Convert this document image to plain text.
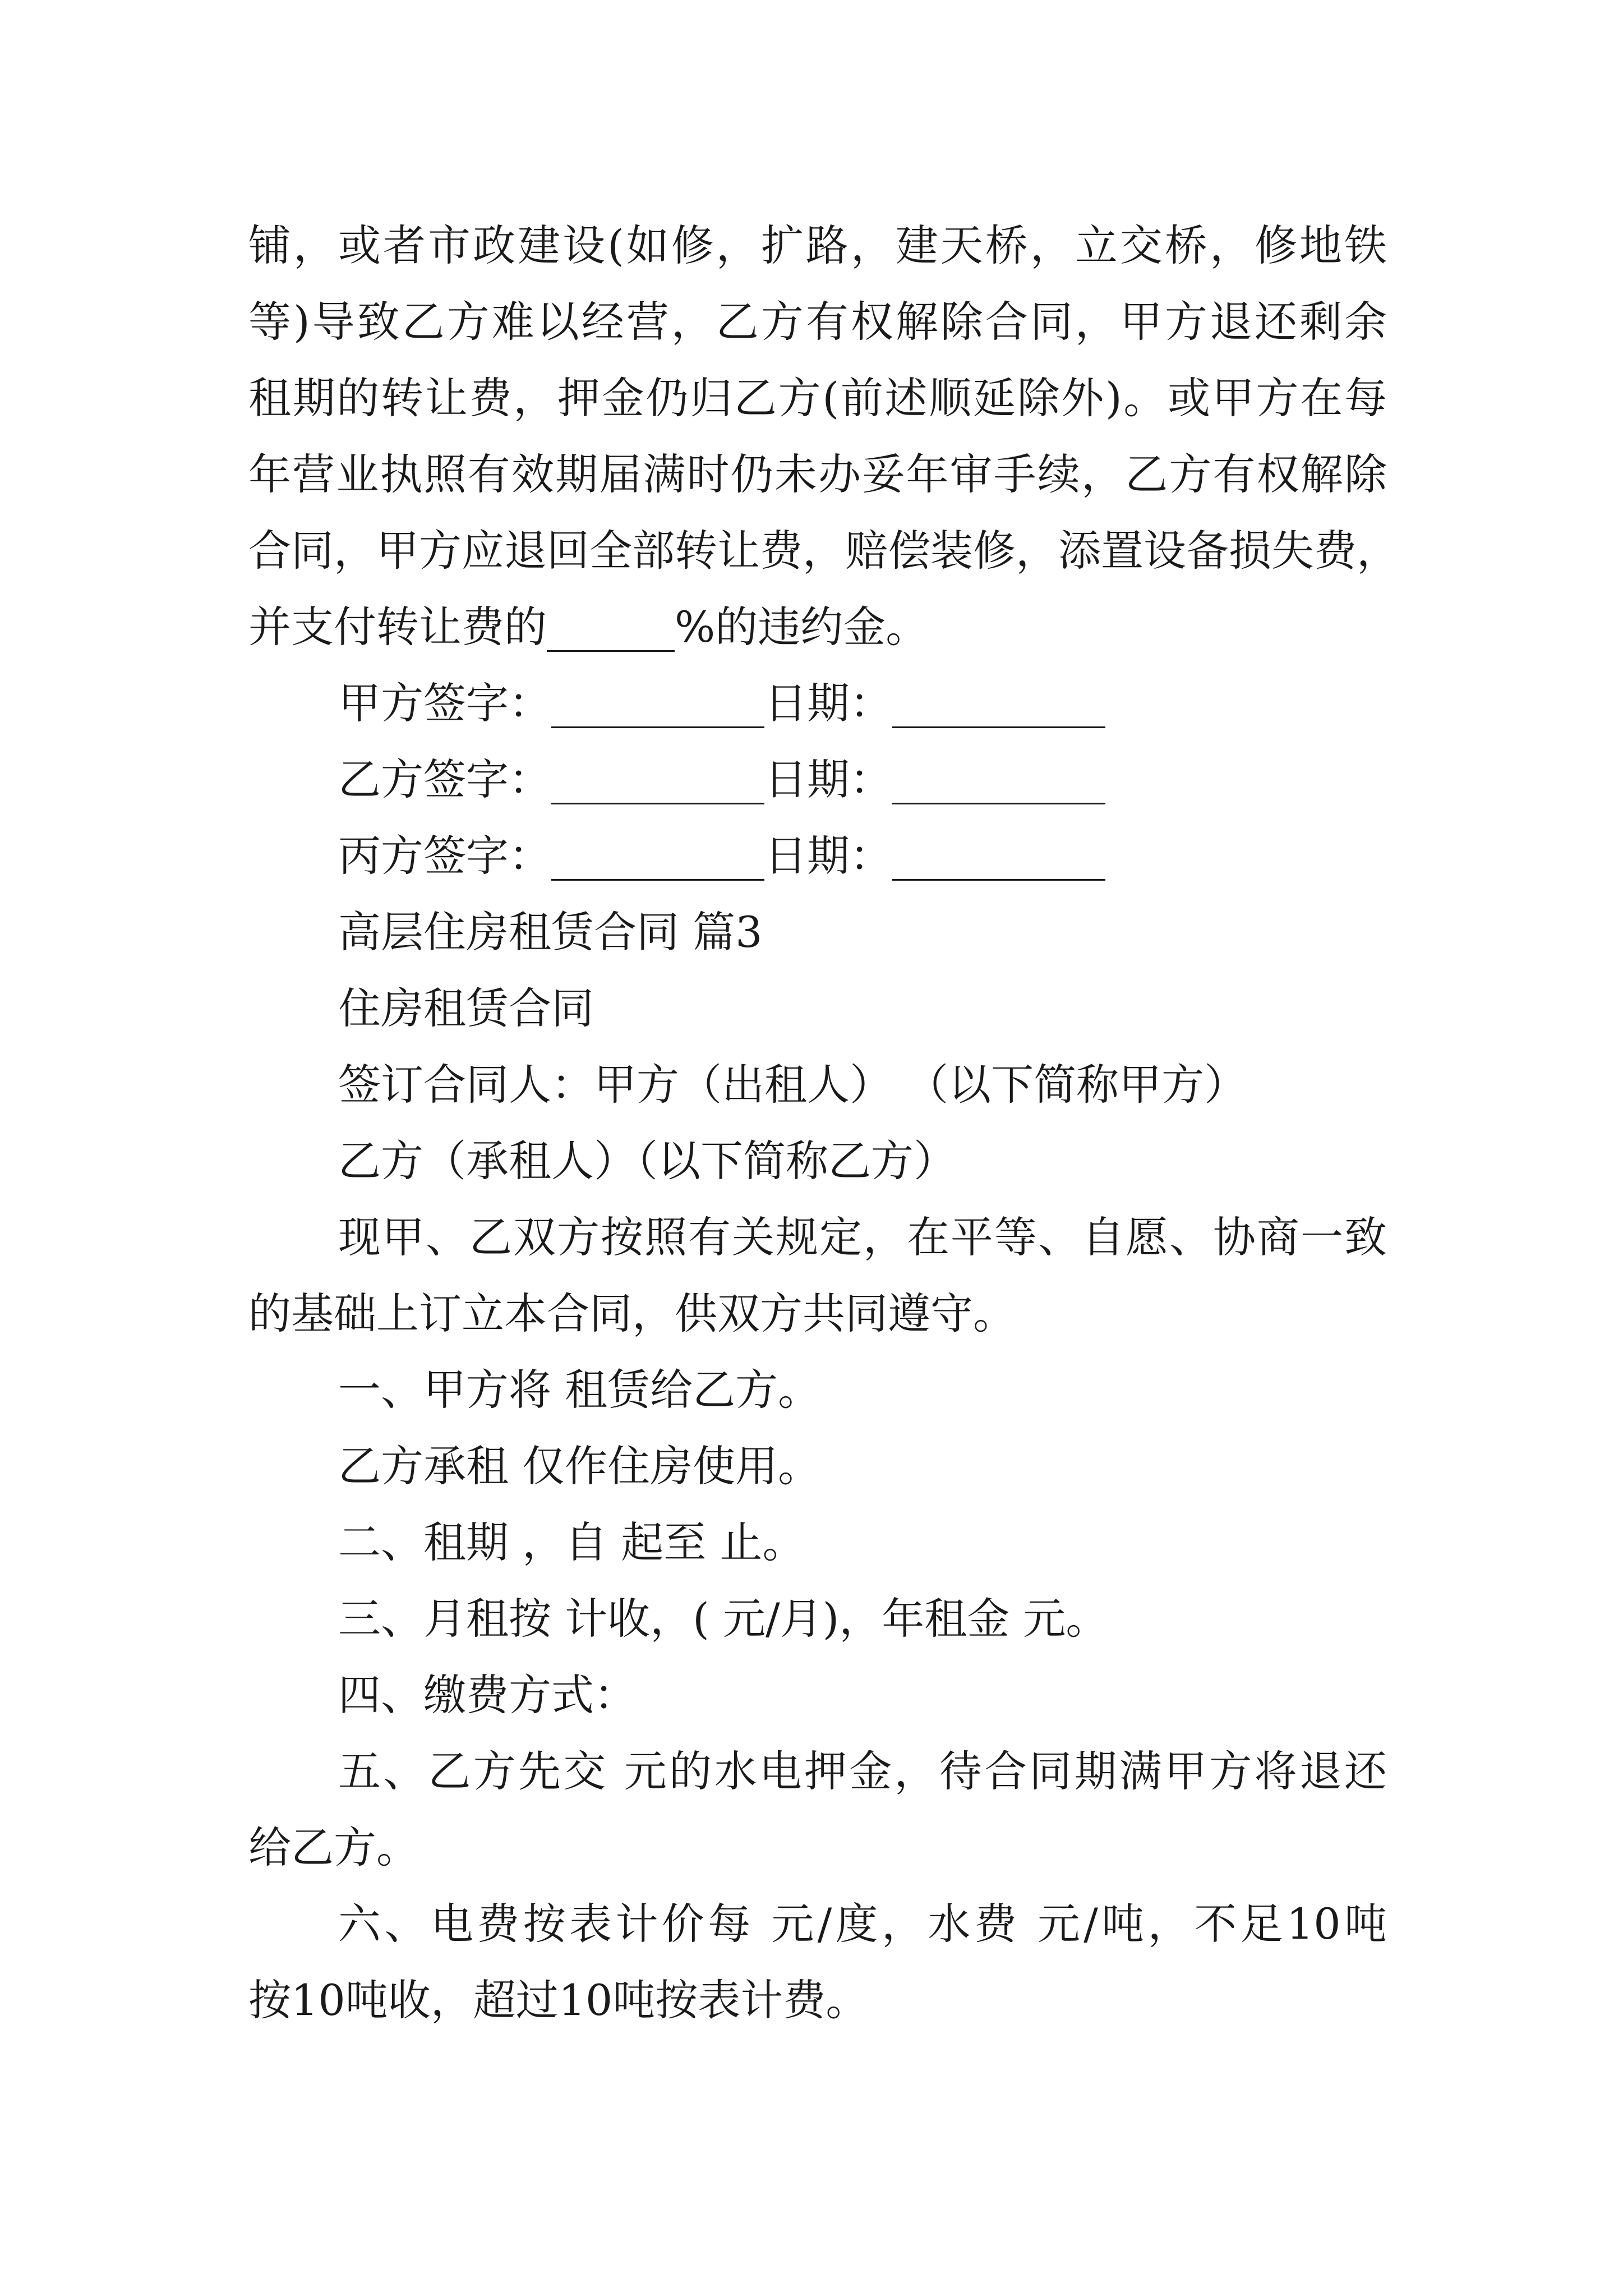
铺，或者市政建设(如修，扩路，建天桥，立交桥，修地铁
等)导致乙方难以经营，乙方有权解除合同，甲方退还剩余
租期的转让费，押金仍归乙方(前述顺延除外)。或甲方在每
年营业执照有效期届满时仍未办妥年审手续，乙方有权解除
合同，甲方应退回全部转让费，赔偿装修，添置设备损失费，
并支付转让费的______%的违约金。
甲方签字：__________日期：__________
乙方签字：__________日期：__________
丙方签字：__________日期：__________
高层住房租赁合同 篇3
住房租赁合同
签订合同人：甲方（出租人） （以下简称甲方）
乙方（承租人）（以下简称乙方）
现甲、乙双方按照有关规定，在平等、自愿、协商一致
的基础上订立本合同，供双方共同遵守。
一、甲方将 租赁给乙方。
乙方承租 仅作住房使用。
二、租期 ，自 起至 止。
三、月租按 计收，( 元/月)，年租金 元。
四、缴费方式：
五、乙方先交 元的水电押金，待合同期满甲方将退还
给乙方。
六、电费按表计价每 元/度，水费 元/吨，不足10吨
按10吨收，超过10吨按表计费。
